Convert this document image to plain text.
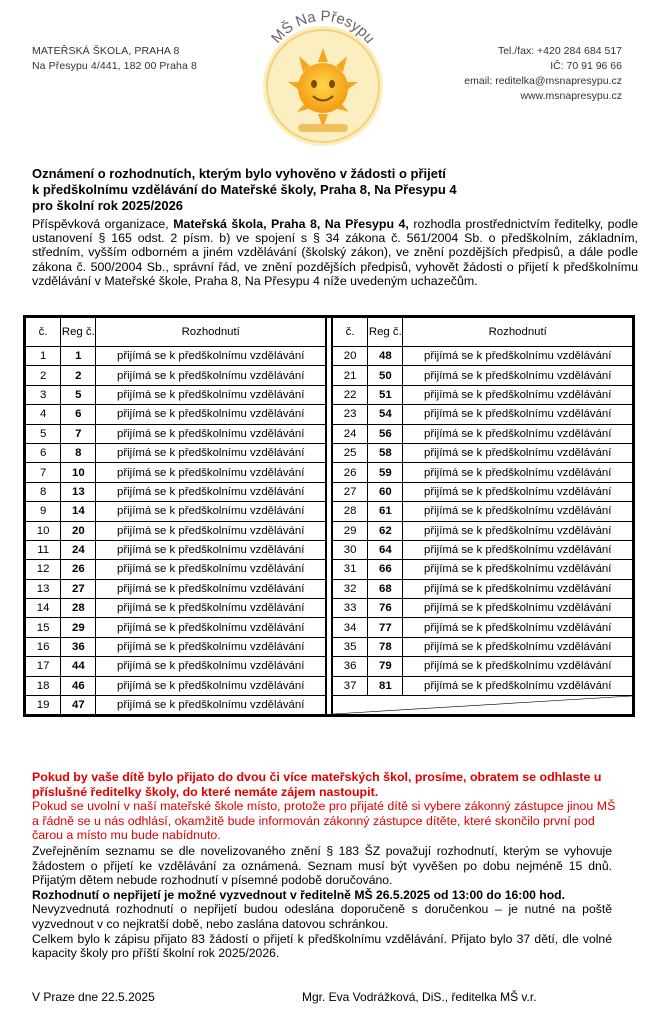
MATEŘSKÁ ŠKOLA, PRAHA 8
Na Přesypu 4/441, 182 00 Praha 8
MŠ Na Přesypu
Tel./fax: +420 284 684 517
IČ: 70 91 96 66
email: reditelka@msnapresypu.cz
www.msnapresypu.cz
Oznámení o rozhodnutích, kterým bylo vyhověno v žádosti o přijetí
k předškolnímu vzdělávání do Mateřské školy, Praha 8, Na Přesypu 4
pro školní rok 2025/2026
Příspěvková organizace, Mateřská škola, Praha 8, Na Přesypu 4, rozhodla prostřednictvím ředitelky, podle ustanovení § 165 odst. 2 písm. b) ve spojení s § 34 zákona č. 561/2004 Sb. o předškolním, základním, středním, vyšším odborném a jiném vzdělávání (školský zákon), ve znění pozdějších předpisů, a dále podle zákona č. 500/2004 Sb., správní řád, ve znění pozdějších předpisů, vyhovět žádosti o přijetí k předškolnímu vzdělávání v Mateřské škole, Praha 8, Na Přesypu 4 níže uvedeným uchazečům.
č.	Reg č.	Rozhodnutí		č.	Reg č.	Rozhodnutí
1	1	přijímá se k předškolnímu vzdělávání		20	48	přijímá se k předškolnímu vzdělávání
2	2	přijímá se k předškolnímu vzdělávání		21	50	přijímá se k předškolnímu vzdělávání
3	5	přijímá se k předškolnímu vzdělávání		22	51	přijímá se k předškolnímu vzdělávání
4	6	přijímá se k předškolnímu vzdělávání		23	54	přijímá se k předškolnímu vzdělávání
5	7	přijímá se k předškolnímu vzdělávání		24	56	přijímá se k předškolnímu vzdělávání
6	8	přijímá se k předškolnímu vzdělávání		25	58	přijímá se k předškolnímu vzdělávání
7	10	přijímá se k předškolnímu vzdělávání		26	59	přijímá se k předškolnímu vzdělávání
8	13	přijímá se k předškolnímu vzdělávání		27	60	přijímá se k předškolnímu vzdělávání
9	14	přijímá se k předškolnímu vzdělávání		28	61	přijímá se k předškolnímu vzdělávání
10	20	přijímá se k předškolnímu vzdělávání		29	62	přijímá se k předškolnímu vzdělávání
11	24	přijímá se k předškolnímu vzdělávání		30	64	přijímá se k předškolnímu vzdělávání
12	26	přijímá se k předškolnímu vzdělávání		31	66	přijímá se k předškolnímu vzdělávání
13	27	přijímá se k předškolnímu vzdělávání		32	68	přijímá se k předškolnímu vzdělávání
14	28	přijímá se k předškolnímu vzdělávání		33	76	přijímá se k předškolnímu vzdělávání
15	29	přijímá se k předškolnímu vzdělávání		34	77	přijímá se k předškolnímu vzdělávání
16	36	přijímá se k předškolnímu vzdělávání		35	78	přijímá se k předškolnímu vzdělávání
17	44	přijímá se k předškolnímu vzdělávání		36	79	přijímá se k předškolnímu vzdělávání
18	46	přijímá se k předškolnímu vzdělávání		37	81	přijímá se k předškolnímu vzdělávání
19	47	přijímá se k předškolnímu vzdělávání		
Pokud by vaše dítě bylo přijato do dvou či více mateřských škol, prosíme, obratem se odhlaste u příslušné ředitelky školy, do které nemáte zájem nastoupit.
Pokud se uvolní v naší mateřské škole místo, protože pro přijaté dítě si vybere zákonný zástupce jinou MŠ a řádně se u nás odhlásí, okamžitě bude informován zákonný zástupce dítěte, které skončilo první pod čarou a místo mu bude nabídnuto.
Zveřejněním seznamu se dle novelizovaného znění § 183 ŠZ považují rozhodnutí, kterým se vyhovuje žádostem o přijetí ke vzdělávání za oznámená. Seznam musí být vyvěšen po dobu nejméně 15 dnů. Přijatým dětem nebude rozhodnutí v písemné podobě doručováno.
Rozhodnutí o nepřijetí je možné vyzvednout v ředitelně MŠ 26.5.2025 od 13:00 do 16:00 hod.
Nevyzvednutá rozhodnutí o nepřijetí budou odeslána doporučeně s doručenkou – je nutné na poště vyzvednout v co nejkratší době, nebo zaslána datovou schránkou.
Celkem bylo k zápisu přijato 83 žádostí o přijetí k předškolnímu vzdělávání. Přijato bylo 37 dětí, dle volné kapacity školy pro příští školní rok 2025/2026.
V Praze dne 22.5.2025	Mgr. Eva Vodrážková, DiS., ředitelka MŠ v.r.
